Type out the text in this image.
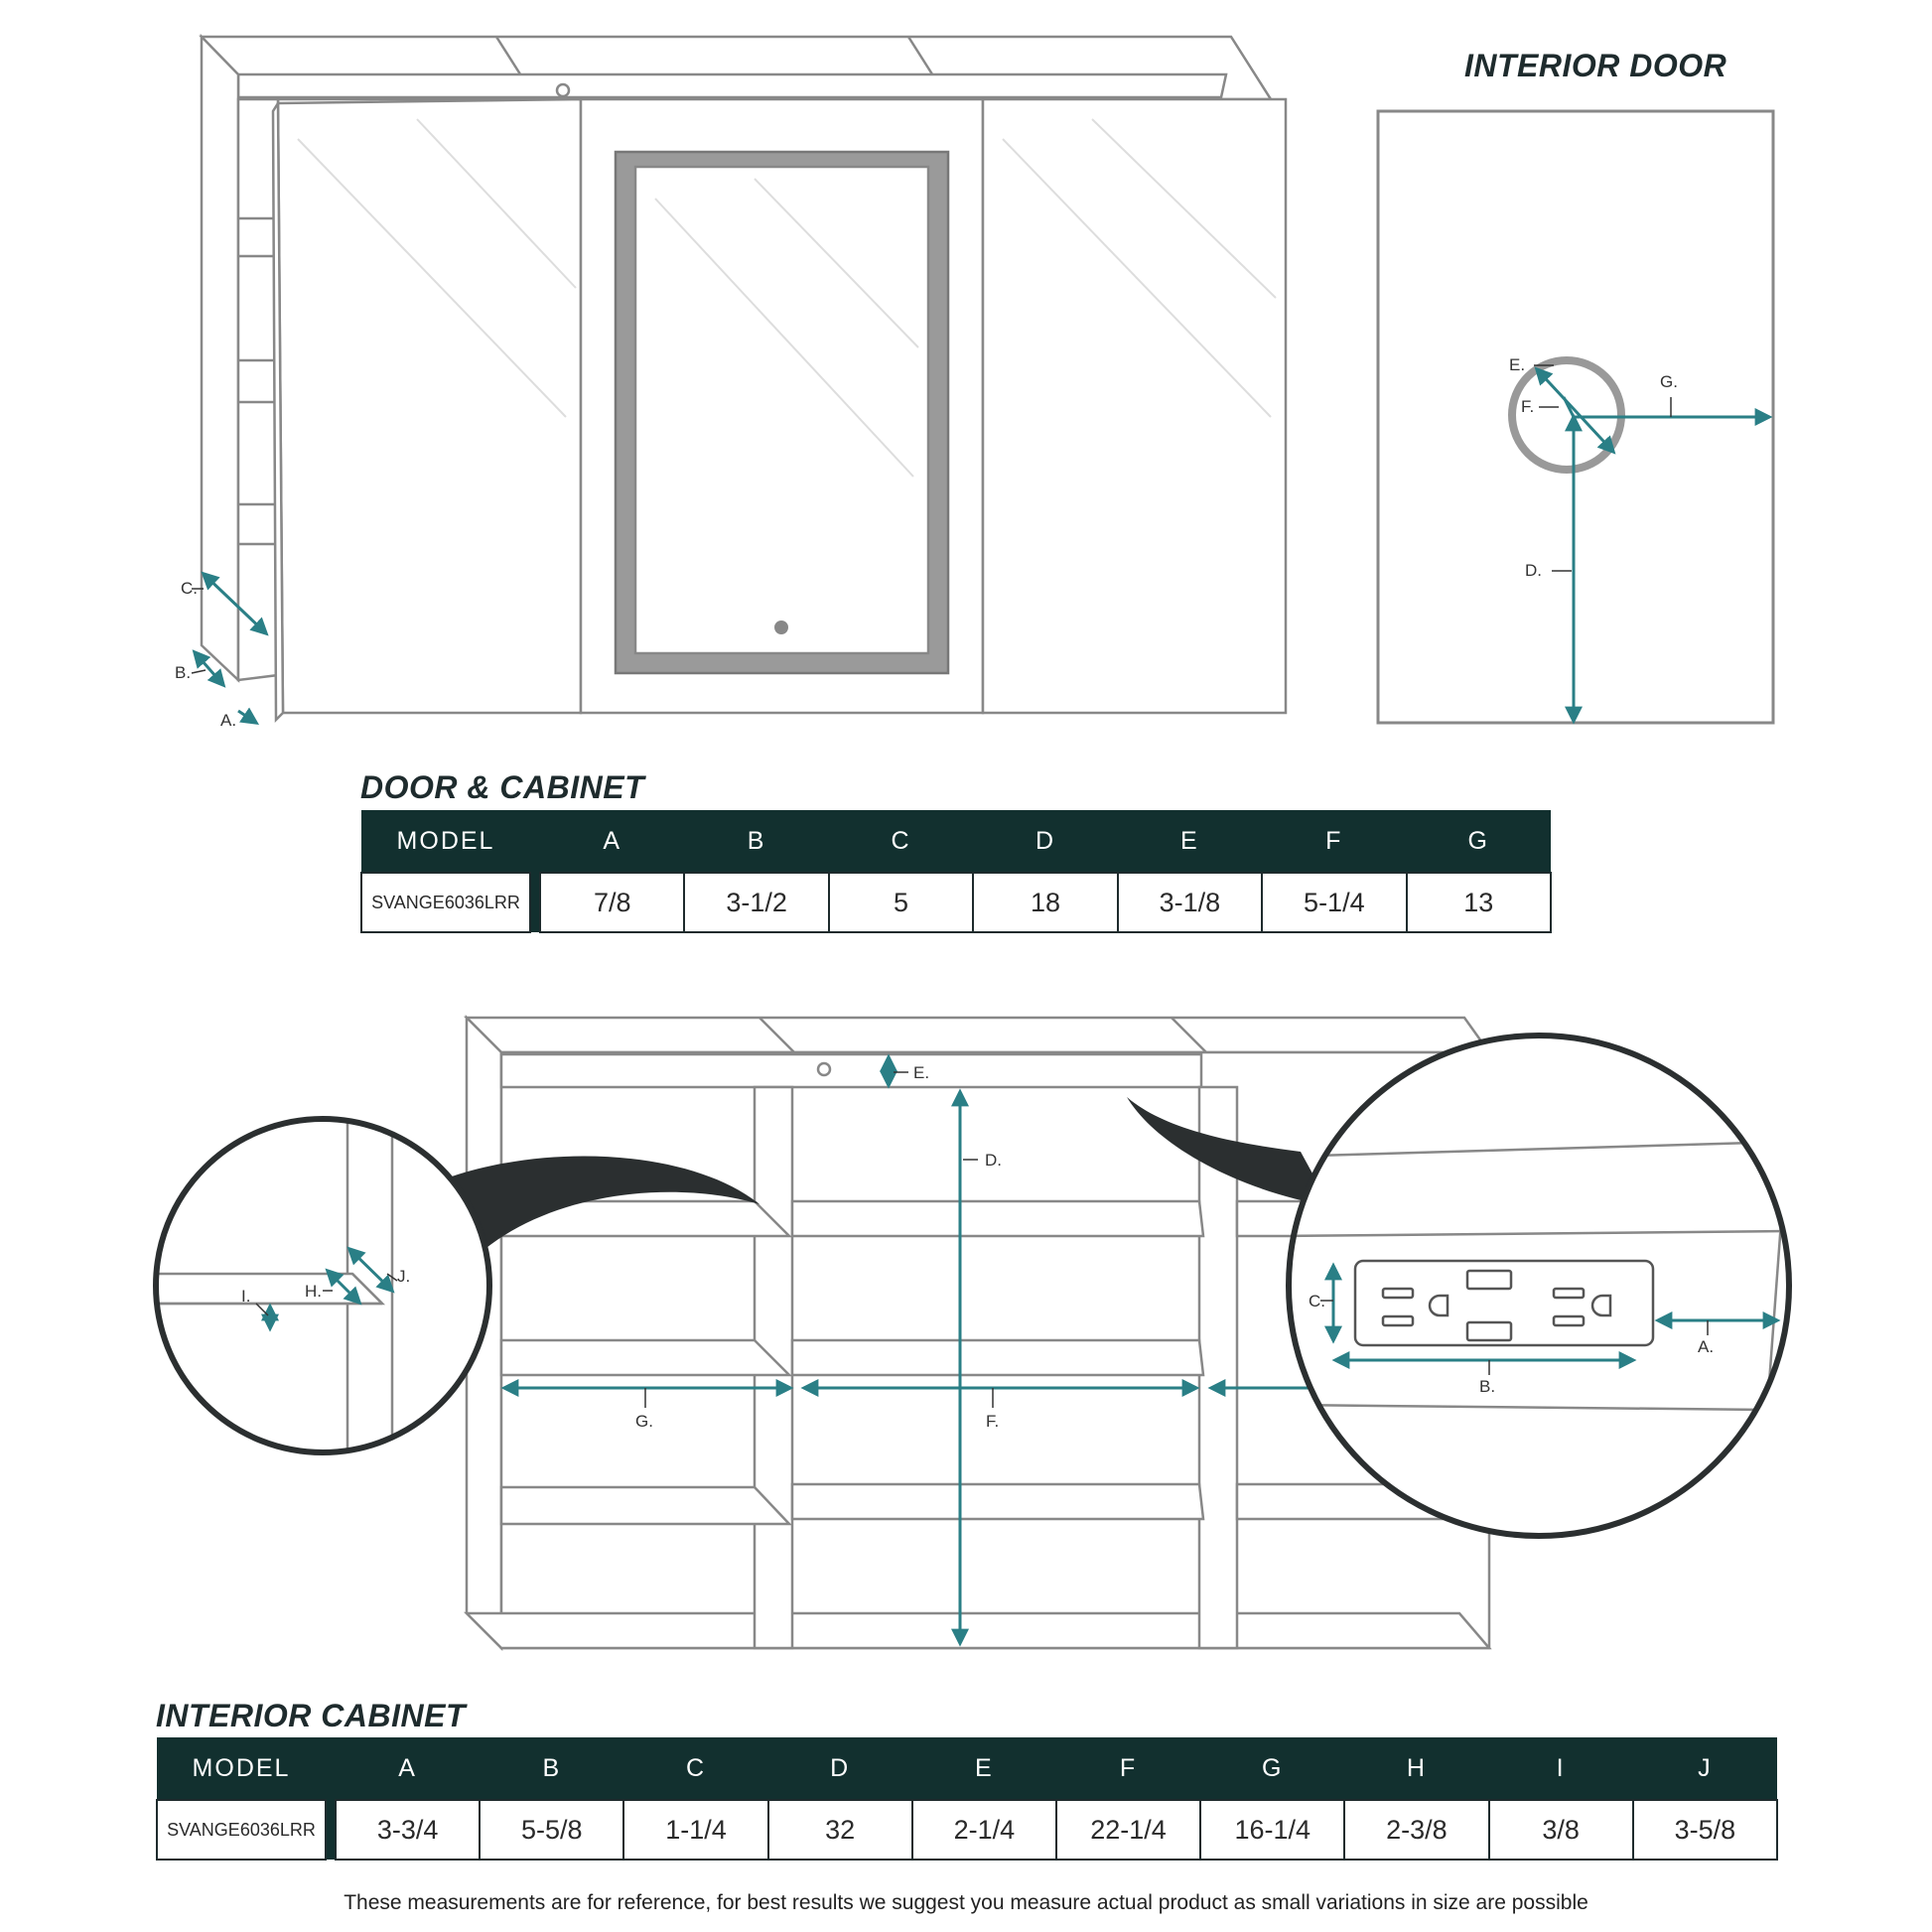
C.
B.
A.
E.
F.
G.
D.
E.
D.
G.	F.
J.
H.
I.	C.
B.
A.
INTERIOR DOOR
DOOR & CABINET
INTERIOR CABINET
MODEL		A	B	C	D	E	F	G
SVANGE6036LRR		7/8	3-1/2	5	18	3-1/8	5-1/4	13
MODEL		A	B	C	D	E	F	G	H	I	J
SVANGE6036LRR		3-3/4	5-5/8	1-1/4	32	2-1/4	22-1/4	16-1/4	2-3/8	3/8	3-5/8
These measurements are for reference, for best results we suggest you measure actual product as small variations in size are possible
